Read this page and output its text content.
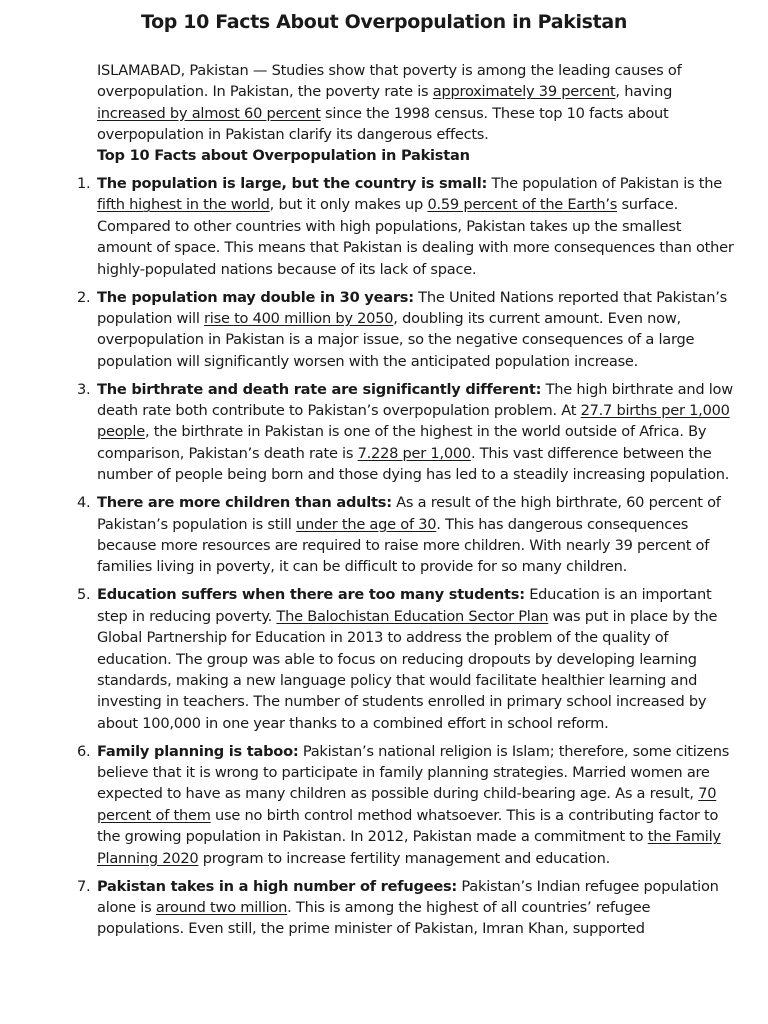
Top 10 Facts About Overpopulation in Pakistan

ISLAMABAD, Pakistan — Studies show that poverty is among the leading causes of overpopulation. In Pakistan, the poverty rate is approximately 39 percent, having increased by almost 60 percent since the 1998 census. These top 10 facts about overpopulation in Pakistan clarify its dangerous effects.

Top 10 Facts about Overpopulation in Pakistan

1. The population is large, but the country is small: The population of Pakistan is the fifth highest in the world, but it only makes up 0.59 percent of the Earth’s surface. Compared to other countries with high populations, Pakistan takes up the smallest amount of space. This means that Pakistan is dealing with more consequences than other highly-populated nations because of its lack of space.
2. The population may double in 30 years: The United Nations reported that Pakistan’s population will rise to 400 million by 2050, doubling its current amount. Even now, overpopulation in Pakistan is a major issue, so the negative consequences of a large population will significantly worsen with the anticipated population increase.
3. The birthrate and death rate are significantly different: The high birthrate and low death rate both contribute to Pakistan’s overpopulation problem. At 27.7 births per 1,000 people, the birthrate in Pakistan is one of the highest in the world outside of Africa. By comparison, Pakistan’s death rate is 7.228 per 1,000. This vast difference between the number of people being born and those dying has led to a steadily increasing population.
4. There are more children than adults: As a result of the high birthrate, 60 percent of Pakistan’s population is still under the age of 30. This has dangerous consequences because more resources are required to raise more children. With nearly 39 percent of families living in poverty, it can be difficult to provide for so many children.
5. Education suffers when there are too many students: Education is an important step in reducing poverty. The Balochistan Education Sector Plan was put in place by the Global Partnership for Education in 2013 to address the problem of the quality of education. The group was able to focus on reducing dropouts by developing learning standards, making a new language policy that would facilitate healthier learning and investing in teachers. The number of students enrolled in primary school increased by about 100,000 in one year thanks to a combined effort in school reform.
6. Family planning is taboo: Pakistan’s national religion is Islam; therefore, some citizens believe that it is wrong to participate in family planning strategies. Married women are expected to have as many children as possible during child-bearing age. As a result, 70 percent of them use no birth control method whatsoever. This is a contributing factor to the growing population in Pakistan. In 2012, Pakistan made a commitment to the Family Planning 2020 program to increase fertility management and education.
7. Pakistan takes in a high number of refugees: Pakistan’s Indian refugee population alone is around two million. This is among the highest of all countries’ refugee populations. Even still, the prime minister of Pakistan, Imran Khan, supported
